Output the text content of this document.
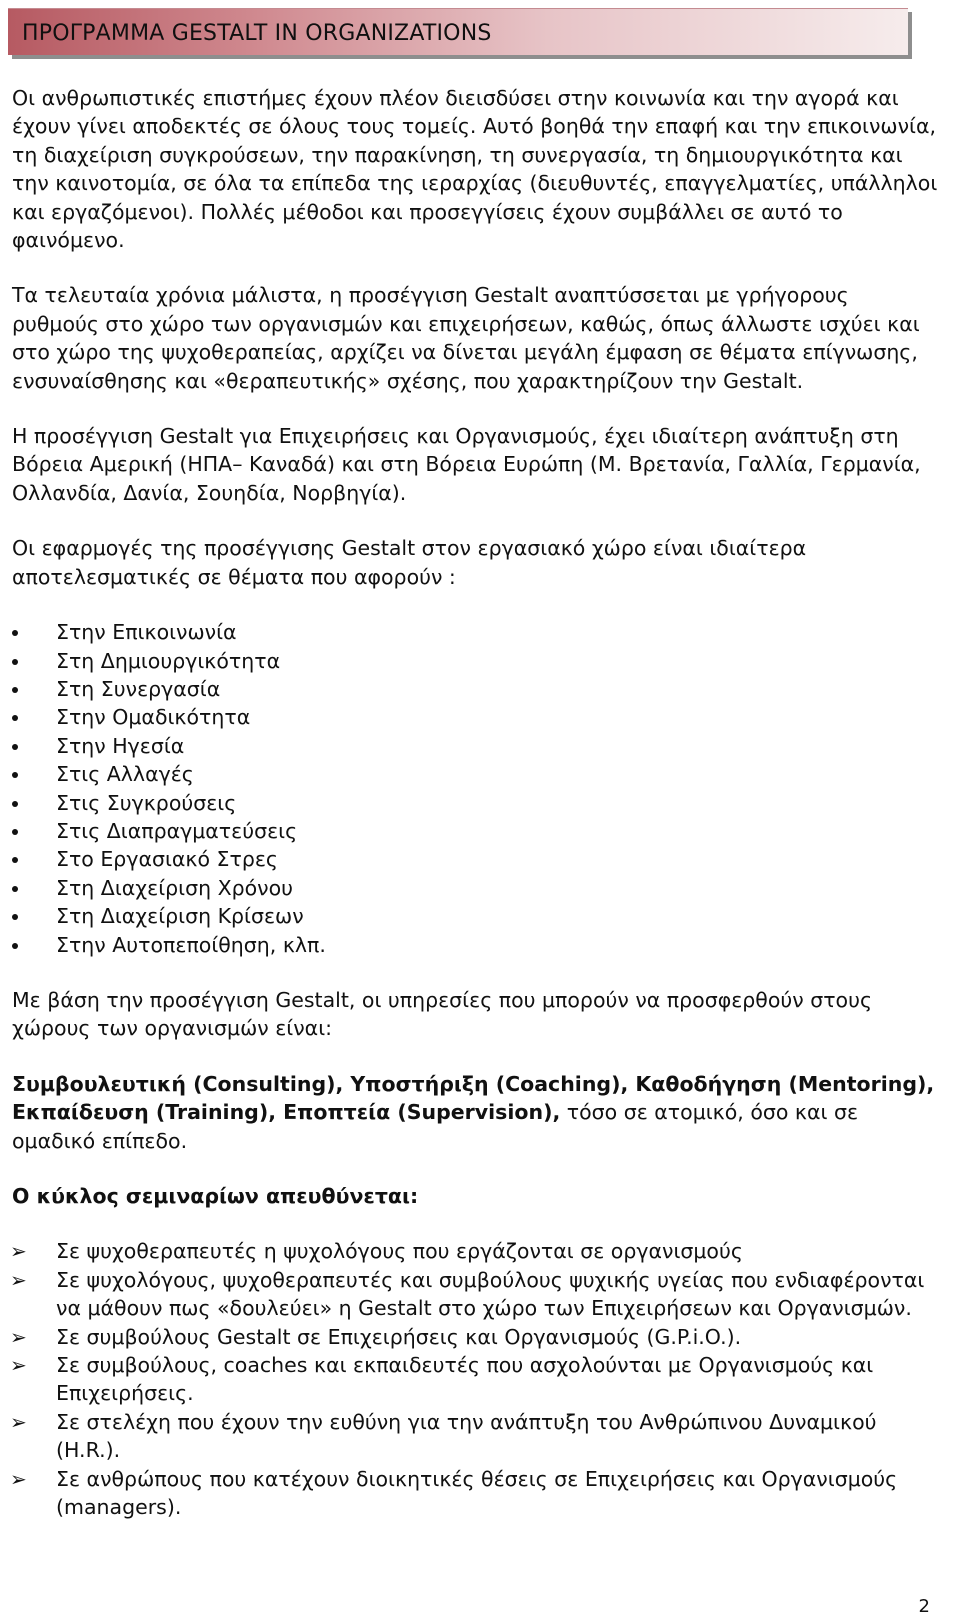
ΠΡΟΓΡΑΜΜΑ GESTALT IN ORGANIZATIONS

Οι ανθρωπιστικές επιστήμες έχουν πλέον διεισδύσει στην κοινωνία και την αγορά και έχουν γίνει αποδεκτές σε όλους τους τομείς. Αυτό βοηθά την επαφή και την επικοινωνία, τη διαχείριση συγκρούσεων, την παρακίνηση, τη συνεργασία, τη δημιουργικότητα και την καινοτομία, σε όλα τα επίπεδα της ιεραρχίας (διευθυντές, επαγγελματίες, υπάλληλοι και εργαζόμενοι). Πολλές μέθοδοι και προσεγγίσεις έχουν συμβάλλει σε αυτό το φαινόμενο.

Τα τελευταία χρόνια μάλιστα, η προσέγγιση Gestalt αναπτύσσεται με γρήγορους ρυθμούς στο χώρο των οργανισμών και επιχειρήσεων, καθώς, όπως άλλωστε ισχύει και στο χώρο της ψυχοθεραπείας, αρχίζει να δίνεται μεγάλη έμφαση σε θέματα επίγνωσης, ενσυναίσθησης και «θεραπευτικής» σχέσης, που χαρακτηρίζουν την Gestalt.

Η προσέγγιση Gestalt για Επιχειρήσεις και Οργανισμούς, έχει ιδιαίτερη ανάπτυξη στη Βόρεια Αμερική (ΗΠΑ– Καναδά) και στη Βόρεια Ευρώπη (Μ. Βρετανία, Γαλλία, Γερμανία, Ολλανδία, Δανία, Σουηδία, Νορβηγία).

Οι εφαρμογές της προσέγγισης Gestalt στον εργασιακό χώρο είναι ιδιαίτερα αποτελεσματικές σε θέματα που αφορούν :

Στην Επικοινωνία
Στη Δημιουργικότητα
Στη Συνεργασία
Στην Ομαδικότητα
Στην Ηγεσία
Στις Αλλαγές
Στις Συγκρούσεις
Στις Διαπραγματεύσεις
Στο Εργασιακό Στρες
Στη Διαχείριση Χρόνου
Στη Διαχείριση Κρίσεων
Στην Αυτοπεποίθηση, κλπ.

Με βάση την προσέγγιση Gestalt, οι υπηρεσίες που μπορούν να προσφερθούν στους χώρους των οργανισμών είναι:

Συμβουλευτική (Consulting), Υποστήριξη (Coaching), Καθοδήγηση (Mentoring), Εκπαίδευση (Training), Εποπτεία (Supervision), τόσο σε ατομικό, όσο και σε ομαδικό επίπεδο.

Ο κύκλος σεμιναρίων απευθύνεται:

➢ Σε ψυχοθεραπευτές η ψυχολόγους που εργάζονται σε οργανισμούς
➢ Σε ψυχολόγους, ψυχοθεραπευτές και συμβούλους ψυχικής υγείας που ενδιαφέρονται να μάθουν πως «δουλεύει» η Gestalt στο χώρο των Επιχειρήσεων και Οργανισμών.
➢ Σε συμβούλους Gestalt σε Επιχειρήσεις και Οργανισμούς (G.P.i.O.).
➢ Σε συμβούλους, coaches και εκπαιδευτές που ασχολούνται με Οργανισμούς και Επιχειρήσεις.
➢ Σε στελέχη που έχουν την ευθύνη για την ανάπτυξη του Ανθρώπινου Δυναμικού (H.R.).
➢ Σε ανθρώπους που κατέχουν διοικητικές θέσεις σε Επιχειρήσεις και Οργανισμούς (managers).
2
